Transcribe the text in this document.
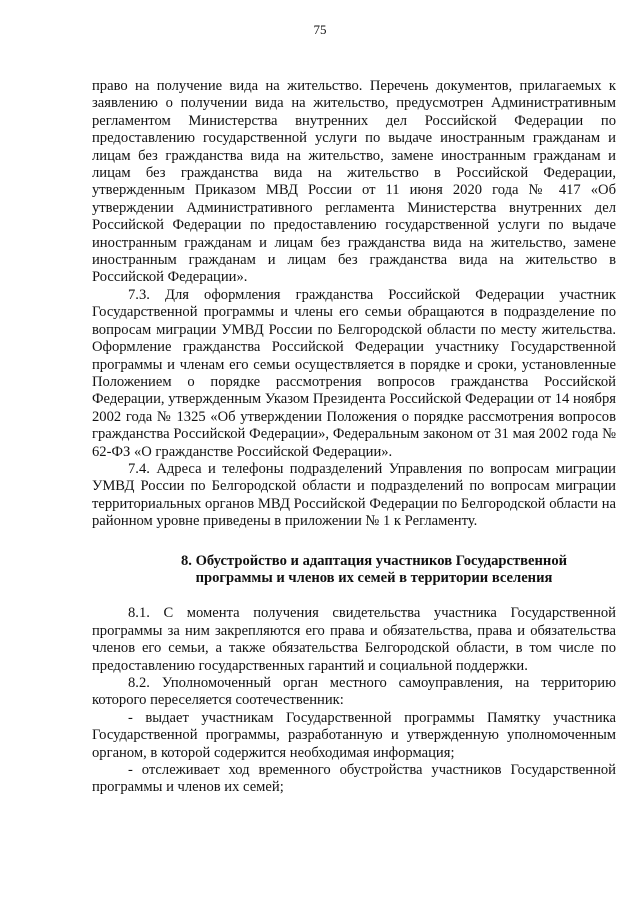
75

право на получение вида на жительство. Перечень документов, прилагаемых к заявлению о получении вида на жительство, предусмотрен Административным регламентом Министерства внутренних дел Российской Федерации по предоставлению государственной услуги по выдаче иностранным гражданам и лицам без гражданства вида на жительство, замене иностранным гражданам и лицам без гражданства вида на жительство в Российской Федерации, утвержденным Приказом МВД России от 11 июня 2020 года № 417 «Об утверждении Административного регламента Министерства внутренних дел Российской Федерации по предоставлению государственной услуги по выдаче иностранным гражданам и лицам без гражданства вида на жительство, замене иностранным гражданам и лицам без гражданства вида на жительство в Российской Федерации».

7.3. Для оформления гражданства Российской Федерации участник Государственной программы и члены его семьи обращаются в подразделение по вопросам миграции УМВД России по Белгородской области по месту жительства. Оформление гражданства Российской Федерации участнику Государственной программы и членам его семьи осуществляется в порядке и сроки, установленные Положением о порядке рассмотрения вопросов гражданства Российской Федерации, утвержденным Указом Президента Российской Федерации от 14 ноября 2002 года № 1325 «Об утверждении Положения о порядке рассмотрения вопросов гражданства Российской Федерации», Федеральным законом от 31 мая 2002 года № 62-ФЗ «О гражданстве Российской Федерации».

7.4. Адреса и телефоны подразделений Управления по вопросам миграции УМВД России по Белгородской области и подразделений по вопросам миграции территориальных органов МВД Российской Федерации по Белгородской области на районном уровне приведены в приложении № 1 к Регламенту.

8. Обустройство и адаптация участников Государственной
программы и членов их семей в территории вселения

8.1. С момента получения свидетельства участника Государственной программы за ним закрепляются его права и обязательства, права и обязательства членов его семьи, а также обязательства Белгородской области, в том числе по предоставлению государственных гарантий и социальной поддержки.

8.2. Уполномоченный орган местного самоуправления, на территорию которого переселяется соотечественник:

- выдает участникам Государственной программы Памятку участника Государственной программы, разработанную и утвержденную уполномоченным органом, в которой содержится необходимая информация;

- отслеживает ход временного обустройства участников Государственной программы и членов их семей;
